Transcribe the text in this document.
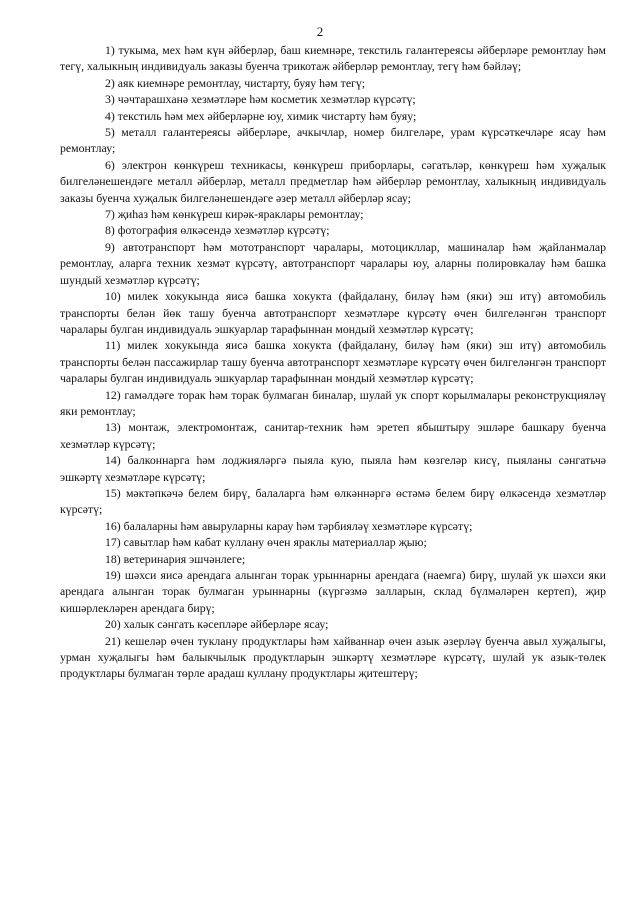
2

1) тукыма, мех һәм күн әйберләр, баш киемнәре, текстиль галантереясы әйберләре ремонтлау һәм тегү, халыкның индивидуаль заказы буенча трикотаж әйберләр ремонтлау, тегү һәм бәйләү;

2) аяк киемнәре ремонтлау, чистарту, буяу һәм тегү;

3) чәчтарашханә хезмәтләре һәм косметик хезмәтләр күрсәтү;

4) текстиль һәм мех әйберләрне юу, химик чистарту һәм буяу;

5) металл галантереясы әйберләре, ачкычлар, номер билгеләре, урам күрсәткечләре ясау һәм ремонтлау;

6) электрон көнкүреш техникасы, көнкүреш приборлары, сәгатьләр, көнкүреш һәм хуҗалык билгеләнешендәге металл әйберләр, металл предметлар һәм әйберләр ремонтлау, халыкның индивидуаль заказы буенча хуҗалык билгеләнешендәге әзер металл әйберләр ясау;

7) җиһаз һәм көнкүреш кирәк-яраклары ремонтлау;

8) фотография өлкәсендә хезмәтләр күрсәтү;

9) автотранспорт һәм мототранспорт чаралары, мотоцикллар, машиналар һәм җайланмалар ремонтлау, аларга техник хезмәт күрсәтү, автотранспорт чаралары юу, аларны полировкалау һәм башка шундый хезмәтләр күрсәтү;

10) милек хокукында яисә башка хокукта (файдалану, биләү һәм (яки) эш итү) автомобиль транспорты белән йөк ташу буенча автотранспорт хезмәтләре күрсәтү өчен билгеләнгән транспорт чаралары булган индивидуаль эшкуарлар тарафыннан мондый хезмәтләр күрсәтү;

11) милек хокукында яисә башка хокукта (файдалану, биләү һәм (яки) эш итү) автомобиль транспорты белән пассажирлар ташу буенча автотранспорт хезмәтләре күрсәтү өчен билгеләнгән транспорт чаралары булган индивидуаль эшкуарлар тарафыннан мондый хезмәтләр күрсәтү;

12) гамәлдәге торак һәм торак булмаган биналар, шулай ук спорт корылмалары реконструкцияләү яки ремонтлау;

13) монтаж, электромонтаж, санитар-техник һәм эретеп ябыштыру эшләре башкару буенча хезмәтләр күрсәтү;

14) балконнарга һәм лоджияләргә пыяла кую, пыяла һәм көзгеләр кисү, пыяланы сәнгатьчә эшкәртү хезмәтләре күрсәтү;

15) мәктәпкәчә белем бирү, балаларга һәм өлкәннәргә өстәмә белем бирү өлкәсендә хезмәтләр күрсәтү;

16) балаларны һәм авыруларны карау һәм тәрбияләү хезмәтләре күрсәтү;

17) савытлар һәм кабат куллану өчен яраклы материаллар җыю;

18) ветеринария эшчәнлеге;

19) шәхси яисә арендага алынган торак урыннарны арендага (наемга) бирү, шулай ук шәхси яки арендага алынган торак булмаган урыннарны (күргәзмә залларын, склад бүлмәләрен кертеп), җир кишәрлекләрен арендага бирү;

20) халык сәнгать кәсепләре әйберләре ясау;

21) кешеләр өчен тукланy продуктлары һәм хайваннар өчен азык әзерләү буенча авыл хуҗалыгы, урман хуҗалыгы һәм балыкчылык продуктларын эшкәртү хезмәтләре күрсәтү, шулай ук азык-төлек продуктлары булмаган төрле арадаш куллану продуктлары җитештерү;
